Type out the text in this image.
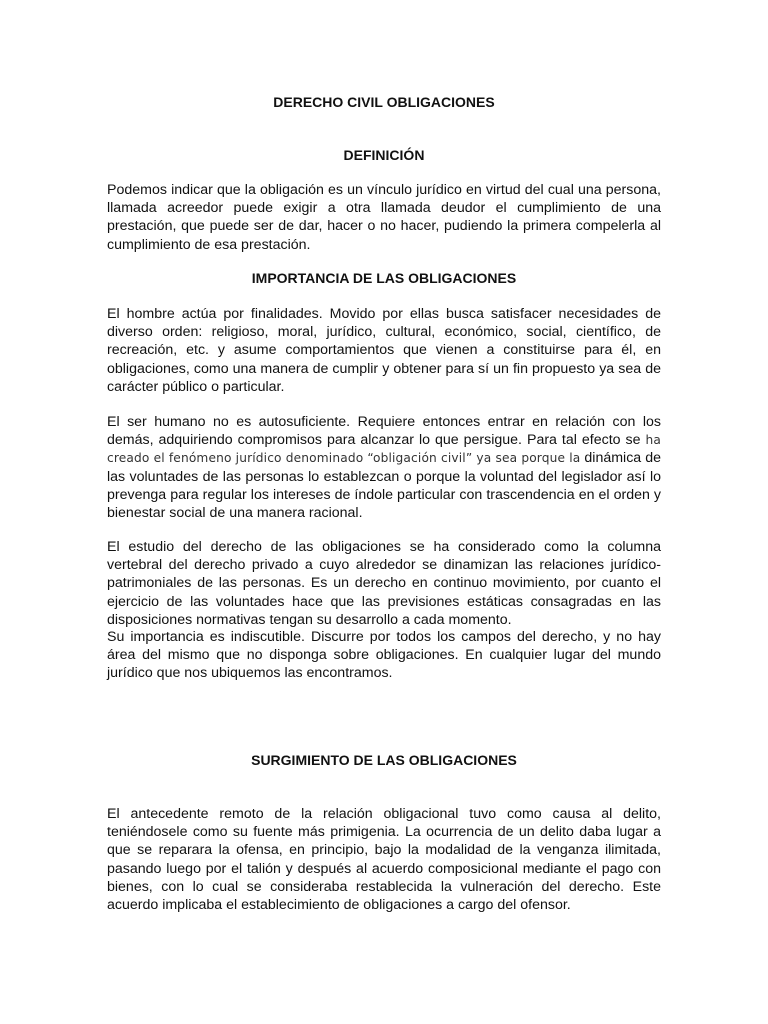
DERECHO CIVIL OBLIGACIONES
DEFINICIÓN

Podemos indicar que la obligación es un vínculo jurídico en virtud del cual una persona, llamada acreedor puede exigir a otra llamada deudor el cumplimiento de una prestación, que puede ser de dar, hacer o no hacer, pudiendo la primera compelerla al cumplimiento de esa prestación.

IMPORTANCIA DE LAS OBLIGACIONES

El hombre actúa por finalidades. Movido por ellas busca satisfacer necesidades de diverso orden: religioso, moral, jurídico, cultural, económico, social, científico, de recreación, etc. y asume comportamientos que vienen a constituirse para él, en obligaciones, como una manera de cumplir y obtener para sí un fin propuesto ya sea de carácter público o particular.

El ser humano no es autosuficiente. Requiere entonces entrar en relación con los demás, adquiriendo compromisos para alcanzar lo que persigue. Para tal efecto se ha creado el fenómeno jurídico denominado “obligación civil” ya sea porque la dinámica de las voluntades de las personas lo establezcan o porque la voluntad del legislador así lo prevenga para regular los intereses de índole particular con trascendencia en el orden y bienestar social de una manera racional.

El estudio del derecho de las obligaciones se ha considerado como la columna vertebral del derecho privado a cuyo alrededor se dinamizan las relaciones jurídico-patrimoniales de las personas. Es un derecho en continuo movimiento, por cuanto el ejercicio de las voluntades hace que las previsiones estáticas consagradas en las disposiciones normativas tengan su desarrollo a cada momento.

Su importancia es indiscutible. Discurre por todos los campos del derecho, y no hay área del mismo que no disponga sobre obligaciones. En cualquier lugar del mundo jurídico que nos ubiquemos las encontramos.

SURGIMIENTO DE LAS OBLIGACIONES

El antecedente remoto de la relación obligacional tuvo como causa al delito, teniéndosele como su fuente más primigenia. La ocurrencia de un delito daba lugar a que se reparara la ofensa, en principio, bajo la modalidad de la venganza ilimitada, pasando luego por el talión y después al acuerdo composicional mediante el pago con bienes, con lo cual se consideraba restablecida la vulneración del derecho. Este acuerdo implicaba el establecimiento de obligaciones a cargo del ofensor.
